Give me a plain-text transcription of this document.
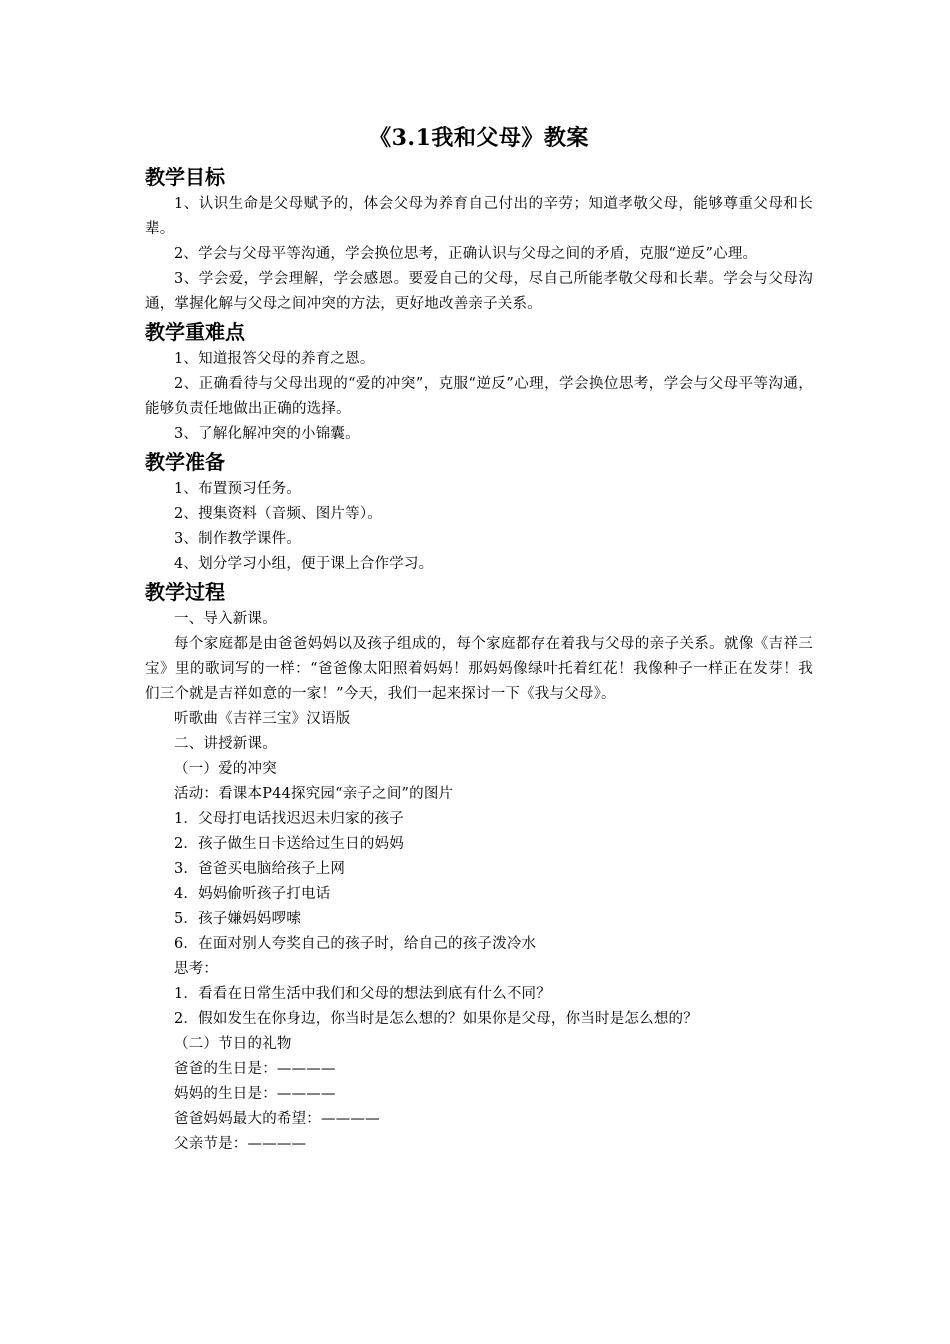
《3.1我和父母》教案
教学目标

1、认识生命是父母赋予的，体会父母为养育自己付出的辛劳；知道孝敬父母，能够尊重父母和长辈。

2、学会与父母平等沟通，学会换位思考，正确认识与父母之间的矛盾，克服“逆反”心理。

3、学会爱，学会理解，学会感恩。要爱自己的父母，尽自己所能孝敬父母和长辈。学会与父母沟通，掌握化解与父母之间冲突的方法，更好地改善亲子关系。

教学重难点

1、知道报答父母的养育之恩。

2、正确看待与父母出现的“爱的冲突”，克服“逆反”心理，学会换位思考，学会与父母平等沟通，能够负责任地做出正确的选择。

3、了解化解冲突的小锦囊。

教学准备

1、布置预习任务。

2、搜集资料（音频、图片等）。

3、制作教学课件。

4、划分学习小组，便于课上合作学习。

教学过程

一、导入新课。

每个家庭都是由爸爸妈妈以及孩子组成的，每个家庭都存在着我与父母的亲子关系。就像《吉祥三宝》里的歌词写的一样：“爸爸像太阳照着妈妈！那妈妈像绿叶托着红花！我像种子一样正在发芽！我们三个就是吉祥如意的一家！”今天，我们一起来探讨一下《我与父母》。

听歌曲《吉祥三宝》汉语版

二、讲授新课。

（一）爱的冲突

活动：看课本P44探究园“亲子之间”的图片

1．父母打电话找迟迟未归家的孩子

2．孩子做生日卡送给过生日的妈妈

3．爸爸买电脑给孩子上网

4．妈妈偷听孩子打电话

5．孩子嫌妈妈啰嗦

6．在面对别人夸奖自己的孩子时，给自己的孩子泼冷水

思考：

1．看看在日常生活中我们和父母的想法到底有什么不同？

2．假如发生在你身边，你当时是怎么想的？如果你是父母，你当时是怎么想的？

（二）节日的礼物

爸爸的生日是：————

妈妈的生日是：————

爸爸妈妈最大的希望：————

父亲节是：————
